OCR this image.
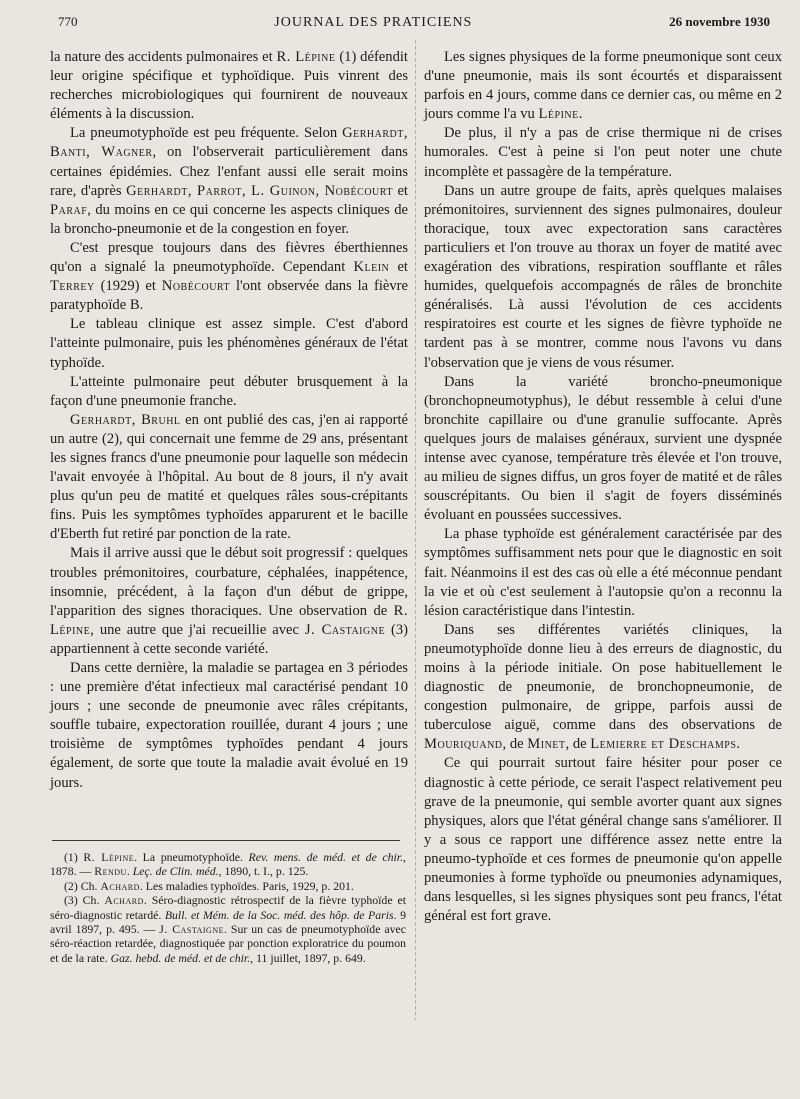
770	JOURNAL DES PRATICIENS	26 novembre 1930

la nature des accidents pulmonaires et R. Lépine (1) défendit leur origine spécifique et typhoïdique. Puis vinrent des recherches microbiologiques qui fournirent de nouveaux éléments à la discussion.

La pneumotyphoïde est peu fréquente. Selon Gerhardt, Banti, Wagner, on l'observerait particulièrement dans certaines épidémies. Chez l'enfant aussi elle serait moins rare, d'après Gerhardt, Parrot, L. Guinon, Nobécourt et Paraf, du moins en ce qui concerne les aspects cliniques de la broncho-pneumonie et de la congestion en foyer.

C'est presque toujours dans des fièvres éberthiennes qu'on a signalé la pneumotyphoïde. Cependant Klein et Terrey (1929) et Nobécourt l'ont observée dans la fièvre paratyphoïde B.

Le tableau clinique est assez simple. C'est d'abord l'atteinte pulmonaire, puis les phénomènes généraux de l'état typhoïde.

L'atteinte pulmonaire peut débuter brusquement à la façon d'une pneumonie franche.

Gerhardt, Bruhl en ont publié des cas, j'en ai rapporté un autre (2), qui concernait une femme de 29 ans, présentant les signes francs d'une pneumonie pour laquelle son médecin l'avait envoyée à l'hôpital. Au bout de 8 jours, il n'y avait plus qu'un peu de matité et quelques râles sous-crépitants fins. Puis les symptômes typhoïdes apparurent et le bacille d'Eberth fut retiré par ponction de la rate.

Mais il arrive aussi que le début soit progressif : quelques troubles prémonitoires, courbature, céphalées, inappétence, insomnie, précédent, à la façon d'un début de grippe, l'apparition des signes thoraciques. Une observation de R. Lépine, une autre que j'ai recueillie avec J. Castaigne (3) appartiennent à cette seconde variété.

Dans cette dernière, la maladie se partagea en 3 périodes : une première d'état infectieux mal caractérisé pendant 10 jours ; une seconde de pneumonie avec râles crépitants, souffle tubaire, expectoration rouillée, durant 4 jours ; une troisième de symptômes typhoïdes pendant 4 jours également, de sorte que toute la maladie avait évolué en 19 jours.

(1) R. Lépine. La pneumotyphoïde. Rev. mens. de méd. et de chir., 1878. — Rendu. Leç. de Clin. méd., 1890, t. I., p. 125.

(2) Ch. Achard. Les maladies typhoïdes. Paris, 1929, p. 201.

(3) Ch. Achard. Séro-diagnostic rétrospectif de la fièvre typhoïde et séro-diagnostic retardé. Bull. et Mém. de la Soc. méd. des hôp. de Paris. 9 avril 1897, p. 495. — J. Castaigne. Sur un cas de pneumotyphoïde avec séro-réaction retardée, diagnostiquée par ponction exploratrice du poumon et de la rate. Gaz. hebd. de méd. et de chir., 11 juillet, 1897, p. 649.

Les signes physiques de la forme pneumonique sont ceux d'une pneumonie, mais ils sont écourtés et disparaissent parfois en 4 jours, comme dans ce dernier cas, ou même en 2 jours comme l'a vu Lépine.

De plus, il n'y a pas de crise thermique ni de crises humorales. C'est à peine si l'on peut noter une chute incomplète et passagère de la température.

Dans un autre groupe de faits, après quelques malaises prémonitoires, surviennent des signes pulmonaires, douleur thoracique, toux avec expectoration sans caractères particuliers et l'on trouve au thorax un foyer de matité avec exagération des vibrations, respiration soufflante et râles humides, quelquefois accompagnés de râles de bronchite généralisés. Là aussi l'évolution de ces accidents respiratoires est courte et les signes de fièvre typhoïde ne tardent pas à se montrer, comme nous l'avons vu dans l'observation que je viens de vous résumer.

Dans la variété broncho-pneumonique (bronchopneumotyphus), le début ressemble à celui d'une bronchite capillaire ou d'une granulie suffocante. Après quelques jours de malaises généraux, survient une dyspnée intense avec cyanose, température très élevée et l'on trouve, au milieu de signes diffus, un gros foyer de matité et de râles souscrépitants. Ou bien il s'agit de foyers disséminés évoluant en poussées successives.

La phase typhoïde est généralement caractérisée par des symptômes suffisamment nets pour que le diagnostic en soit fait. Néanmoins il est des cas où elle a été méconnue pendant la vie et où c'est seulement à l'autopsie qu'on a reconnu la lésion caractéristique dans l'intestin.

Dans ses différentes variétés cliniques, la pneumotyphoïde donne lieu à des erreurs de diagnostic, du moins à la période initiale. On pose habituellement le diagnostic de pneumonie, de bronchopneumonie, de congestion pulmonaire, de grippe, parfois aussi de tuberculose aiguë, comme dans des observations de Mouriquand, de Minet, de Lemierre et Deschamps.

Ce qui pourrait surtout faire hésiter pour poser ce diagnostic à cette période, ce serait l'aspect relativement peu grave de la pneumonie, qui semble avorter quant aux signes physiques, alors que l'état général change sans s'améliorer. Il y a sous ce rapport une différence assez nette entre la pneumo-typhoïde et ces formes de pneumonie qu'on appelle pneumonies à forme typhoïde ou pneumonies adynamiques, dans lesquelles, si les signes physiques sont peu francs, l'état général est fort grave.
